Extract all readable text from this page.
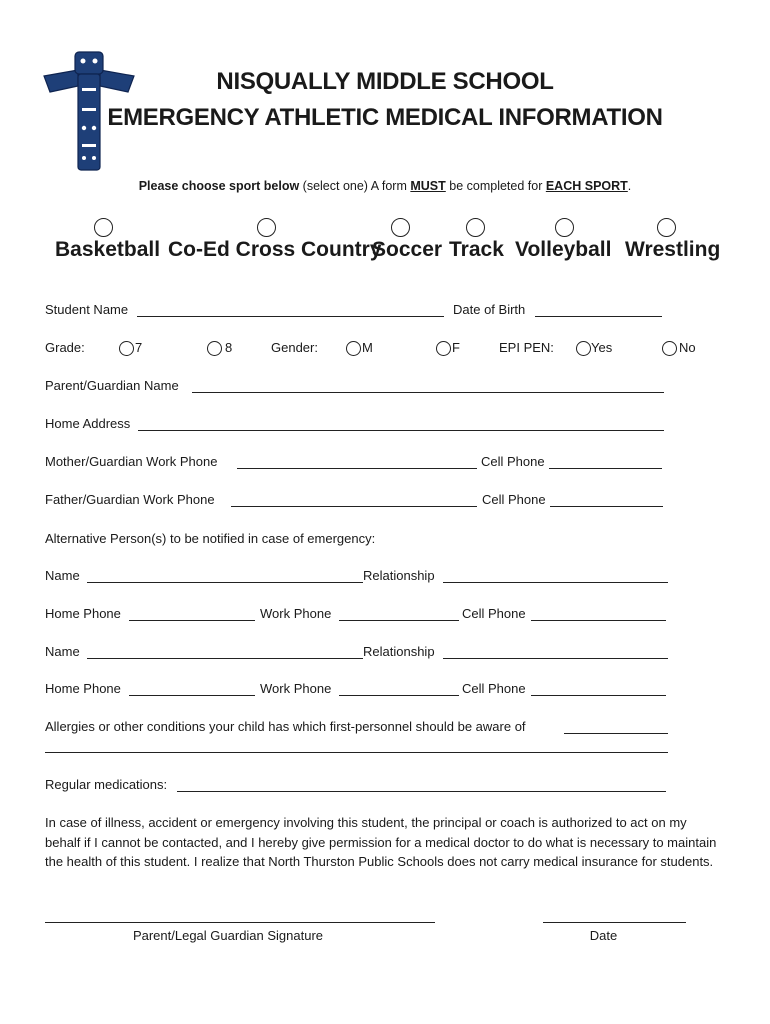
NISQUALLY MIDDLE SCHOOL
EMERGENCY ATHLETIC MEDICAL INFORMATION
Please choose sport below (select one) A form MUST be completed for EACH SPORT.
Basketball Co-Ed Cross Country
Soccer Track Volleyball Wrestling
Student Name	Date of Birth
Grade:	7	8	Gender:	M	F	EPI PEN:	Yes	No
Parent/Guardian Name
Home Address
Mother/Guardian Work Phone	Cell Phone
Father/Guardian Work Phone	Cell Phone
Alternative Person(s) to be notified in case of emergency:
Name	Relationship
Home Phone	Work Phone	Cell Phone
Name	Relationship
Home Phone	Work Phone	Cell Phone
Allergies or other conditions your child has which first-personnel should be aware of
Regular medications:
In case of illness, accident or emergency involving this student, the principal or coach is authorized to act on my behalf if I cannot be contacted, and I hereby give permission for a medical doctor to do what is necessary to maintain the health of this student. I realize that North Thurston Public Schools does not carry medical insurance for students.
Parent/Legal Guardian Signature	Date
